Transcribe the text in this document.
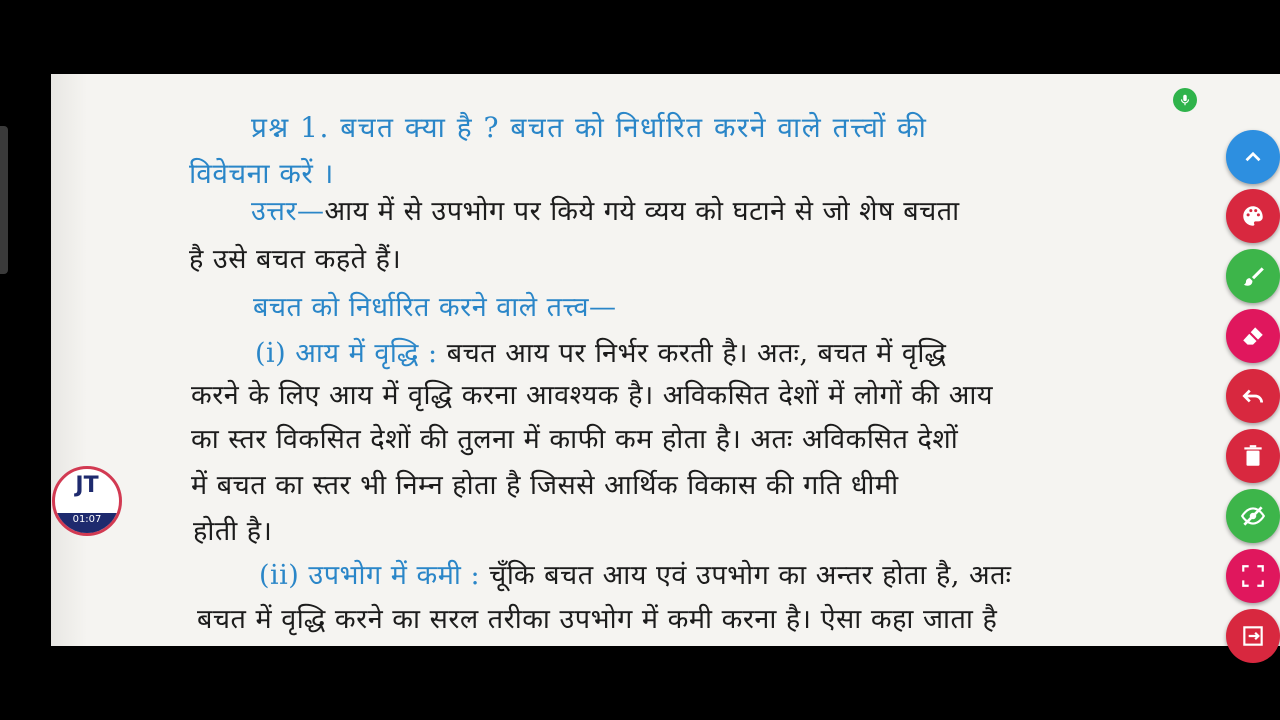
प्रश्न 1. बचत क्या है ? बचत को निर्धारित करने वाले तत्त्वों की
विवेचना करें ।
उत्तर—आय में से उपभोग पर किये गये व्यय को घटाने से जो शेष बचता
है उसे बचत कहते हैं।
बचत को निर्धारित करने वाले तत्त्व—
(i) आय में वृद्धि : बचत आय पर निर्भर करती है। अतः, बचत में वृद्धि
करने के लिए आय में वृद्धि करना आवश्यक है। अविकसित देशों में लोगों की आय
का स्तर विकसित देशों की तुलना में काफी कम होता है। अतः अविकसित देशों
में बचत का स्तर भी निम्न होता है जिससे आर्थिक विकास की गति धीमी
होती है।
(ii) उपभोग में कमी : चूँकि बचत आय एवं उपभोग का अन्तर होता है, अतः
बचत में वृद्धि करने का सरल तरीका उपभोग में कमी करना है। ऐसा कहा जाता है
JT
01:07
